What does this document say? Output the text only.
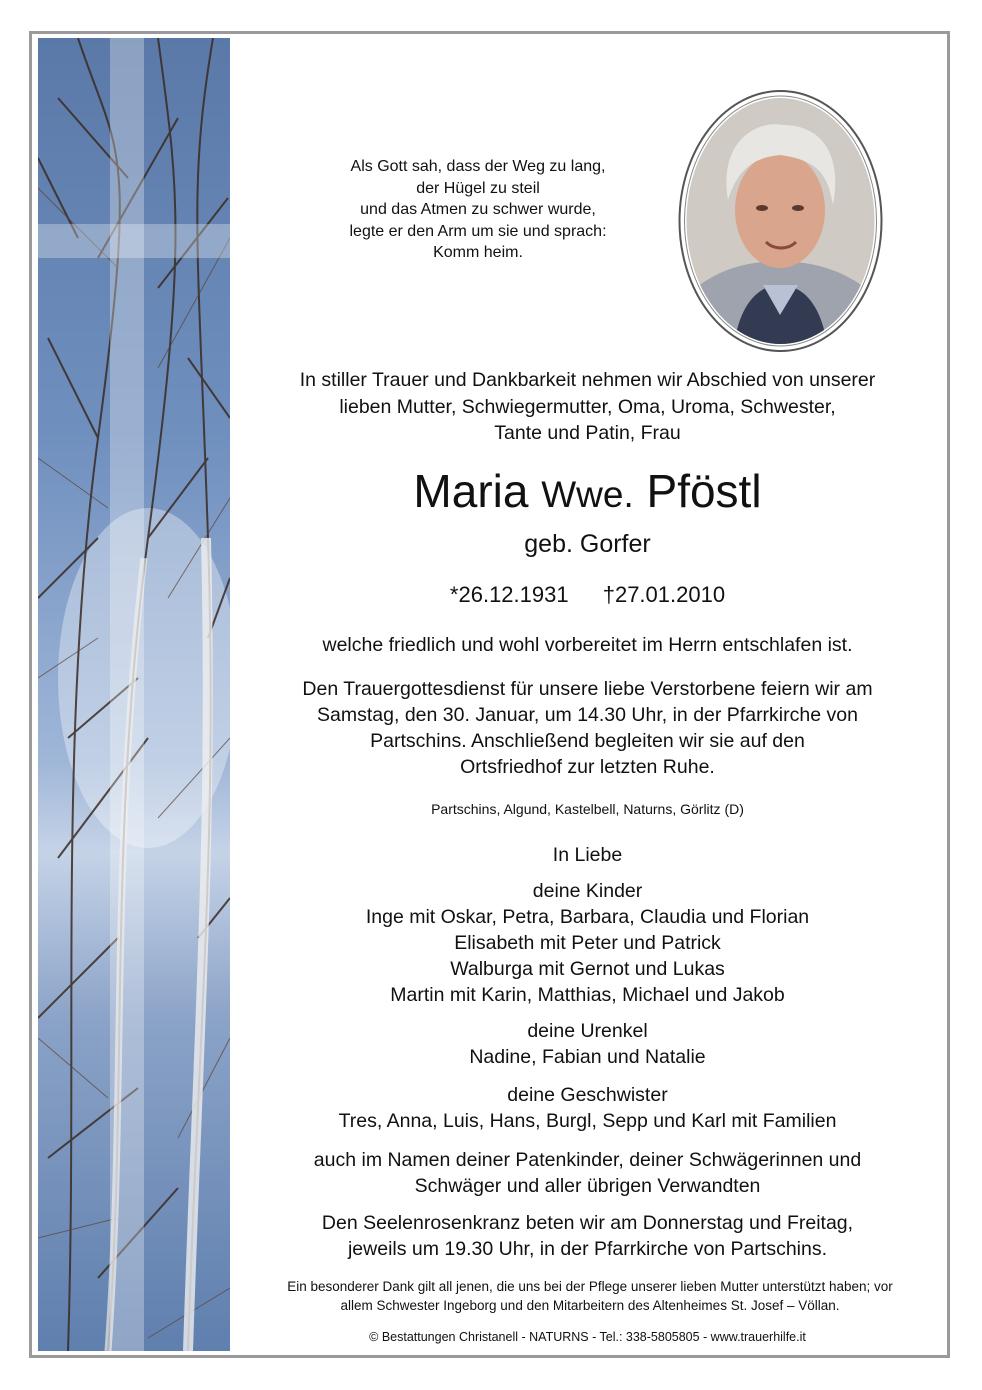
Als Gott sah, dass der Weg zu lang,
der Hügel zu steil
und das Atmen zu schwer wurde,
legte er den Arm um sie und sprach:
Komm heim.
In stiller Trauer und Dankbarkeit nehmen wir Abschied von unserer
lieben Mutter, Schwiegermutter, Oma, Uroma, Schwester,
Tante und Patin, Frau
Maria Wwe. Pföstl
geb. Gorfer
*26.12.1931 †27.01.2010
welche friedlich und wohl vorbereitet im Herrn entschlafen ist.
Den Trauergottesdienst für unsere liebe Verstorbene feiern wir am
Samstag, den 30. Januar, um 14.30 Uhr, in der Pfarrkirche von
Partschins. Anschließend begleiten wir sie auf den
Ortsfriedhof zur letzten Ruhe.
Partschins, Algund, Kastelbell, Naturns, Görlitz (D)
In Liebe
deine Kinder
Inge mit Oskar, Petra, Barbara, Claudia und Florian
Elisabeth mit Peter und Patrick
Walburga mit Gernot und Lukas
Martin mit Karin, Matthias, Michael und Jakob
deine Urenkel
Nadine, Fabian und Natalie
deine Geschwister
Tres, Anna, Luis, Hans, Burgl, Sepp und Karl mit Familien
auch im Namen deiner Patenkinder, deiner Schwägerinnen und
Schwäger und aller übrigen Verwandten
Den Seelenrosenkranz beten wir am Donnerstag und Freitag,
jeweils um 19.30 Uhr, in der Pfarrkirche von Partschins.
Ein besonderer Dank gilt all jenen, die uns bei der Pflege unserer lieben Mutter unterstützt haben; vor
allem Schwester Ingeborg und den Mitarbeitern des Altenheimes St. Josef – Völlan.
© Bestattungen Christanell - NATURNS - Tel.: 338-5805805 - www.trauerhilfe.it
